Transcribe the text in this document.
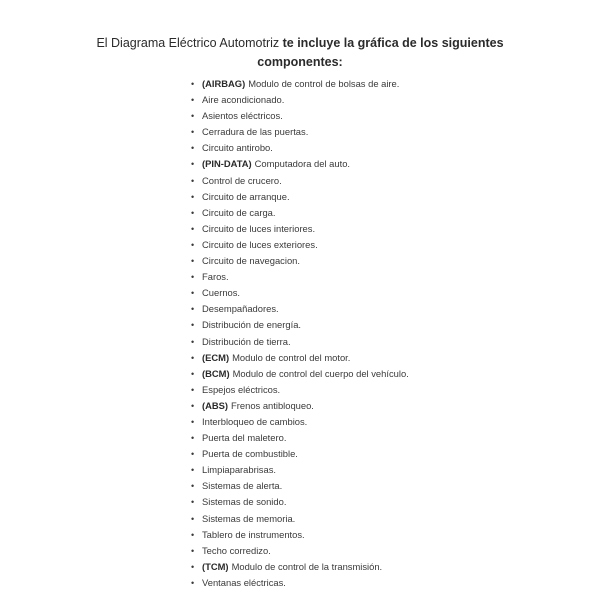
El Diagrama Eléctrico Automotriz te incluye la gráfica de los siguientes componentes:
• (AIRBAG) Modulo de control de bolsas de aire.
• Aire acondicionado.
• Asientos eléctricos.
• Cerradura de las puertas.
• Circuito antirobo.
• (PIN-DATA) Computadora del auto.
• Control de crucero.
• Circuito de arranque.
• Circuito de carga.
• Circuito de luces interiores.
• Circuito de luces exteriores.
• Circuito de navegacion.
• Faros.
• Cuernos.
• Desempañadores.
• Distribución de energía.
• Distribución de tierra.
• (ECM) Modulo de control del motor.
• (BCM) Modulo de control del cuerpo del vehículo.
• Espejos eléctricos.
• (ABS) Frenos antibloqueo.
• Interbloqueo de cambios.
• Puerta del maletero.
• Puerta de combustible.
• Limpiaparabrisas.
• Sistemas de alerta.
• Sistemas de sonido.
• Sistemas de memoria.
• Tablero de instrumentos.
• Techo corredizo.
• (TCM) Modulo de control de la transmisión.
• Ventanas eléctricas.
